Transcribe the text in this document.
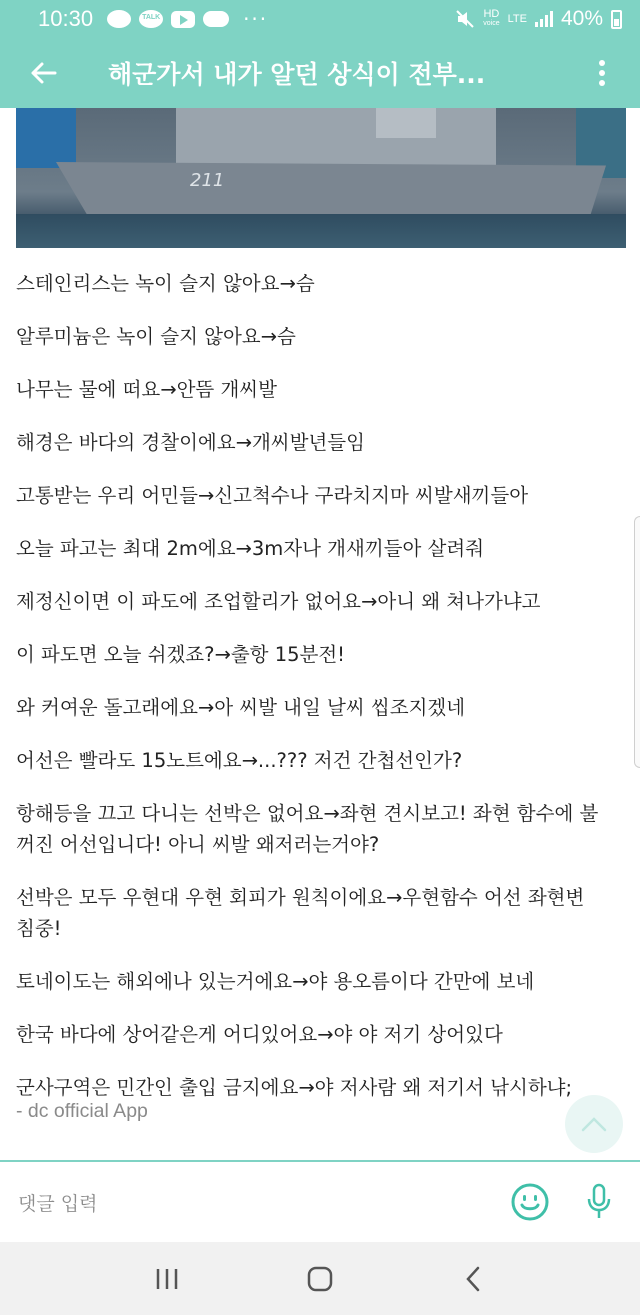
10:30
TALK	···	HD
voice LTE 40%
해군가서 내가 알던 상식이 전부...
211
스테인리스는 녹이 슬지 않아요→슴
알루미늄은 녹이 슬지 않아요→슴
나무는 물에 떠요→안뜸 개씨발
해경은 바다의 경찰이에요→개씨발년들임
고통받는 우리 어민들→신고척수나 구라치지마 씨발새끼들아
오늘 파고는 최대 2m에요→3m자나 개새끼들아 살려줘
제정신이면 이 파도에 조업할리가 없어요→아니 왜 쳐나가냐고
이 파도면 오늘 쉬겠죠?→출항 15분전!
와 커여운 돌고래에요→아 씨발 내일 날씨 씹조지겠네
어선은 빨라도 15노트에요→...??? 저건 간첩선인가?
항해등을 끄고 다니는 선박은 없어요→좌현 견시보고! 좌현 함수에 불
꺼진 어선입니다! 아니 씨발 왜저러는거야?
선박은 모두 우현대 우현 회피가 원칙이에요→우현함수 어선 좌현변
침중!
토네이도는 해외에나 있는거에요→야 용오름이다 간만에 보네
한국 바다에 상어같은게 어디있어요→야 야 저기 상어있다
군사구역은 민간인 출입 금지에요→야 저사람 왜 저기서 낚시하냐;
- dc official App
댓글 입력
